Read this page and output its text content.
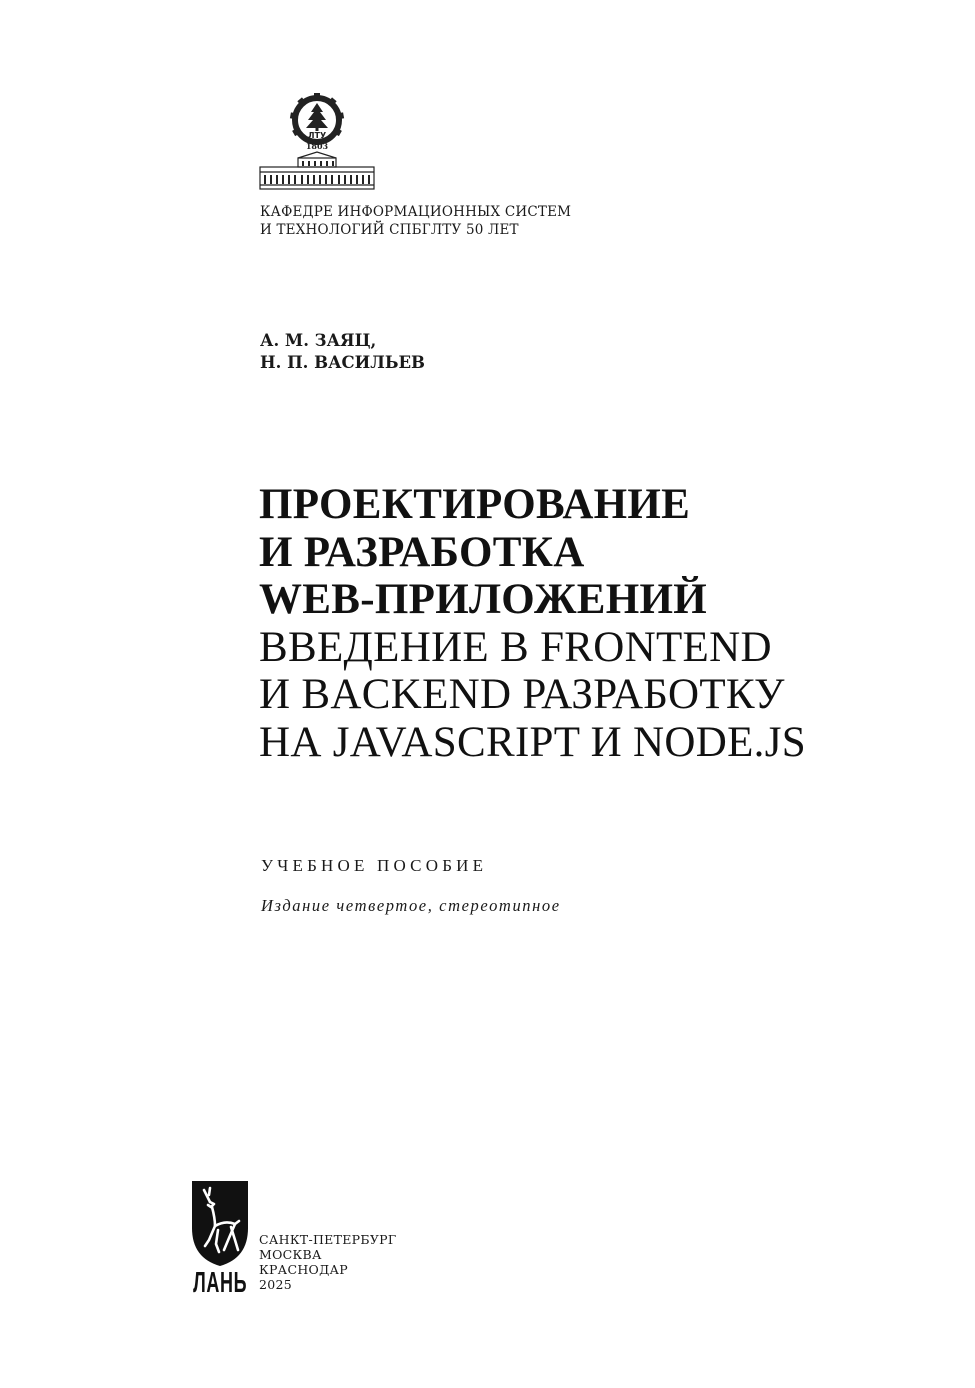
ЛТУ
1803
КАФЕДРЕ ИНФОРМАЦИОННЫХ СИСТЕМ
И ТЕХНОЛОГИЙ СПБГЛТУ 50 ЛЕТ
А. М. ЗАЯЦ,
Н. П. ВАСИЛЬЕВ
ПРОЕКТИРОВАНИЕ
И РАЗРАБОТКА
WEB-ПРИЛОЖЕНИЙ
ВВЕДЕНИЕ В FRONTEND
И BACKEND РАЗРАБОТКУ
НА JAVASCRIPT И NODE.JS
УЧЕБНОЕ ПОСОБИЕ
Издание четвертое, стереотипное
ЛАНЬ
САНКТ-ПЕТЕРБУРГ
МОСКВА
КРАСНОДАР
2025
